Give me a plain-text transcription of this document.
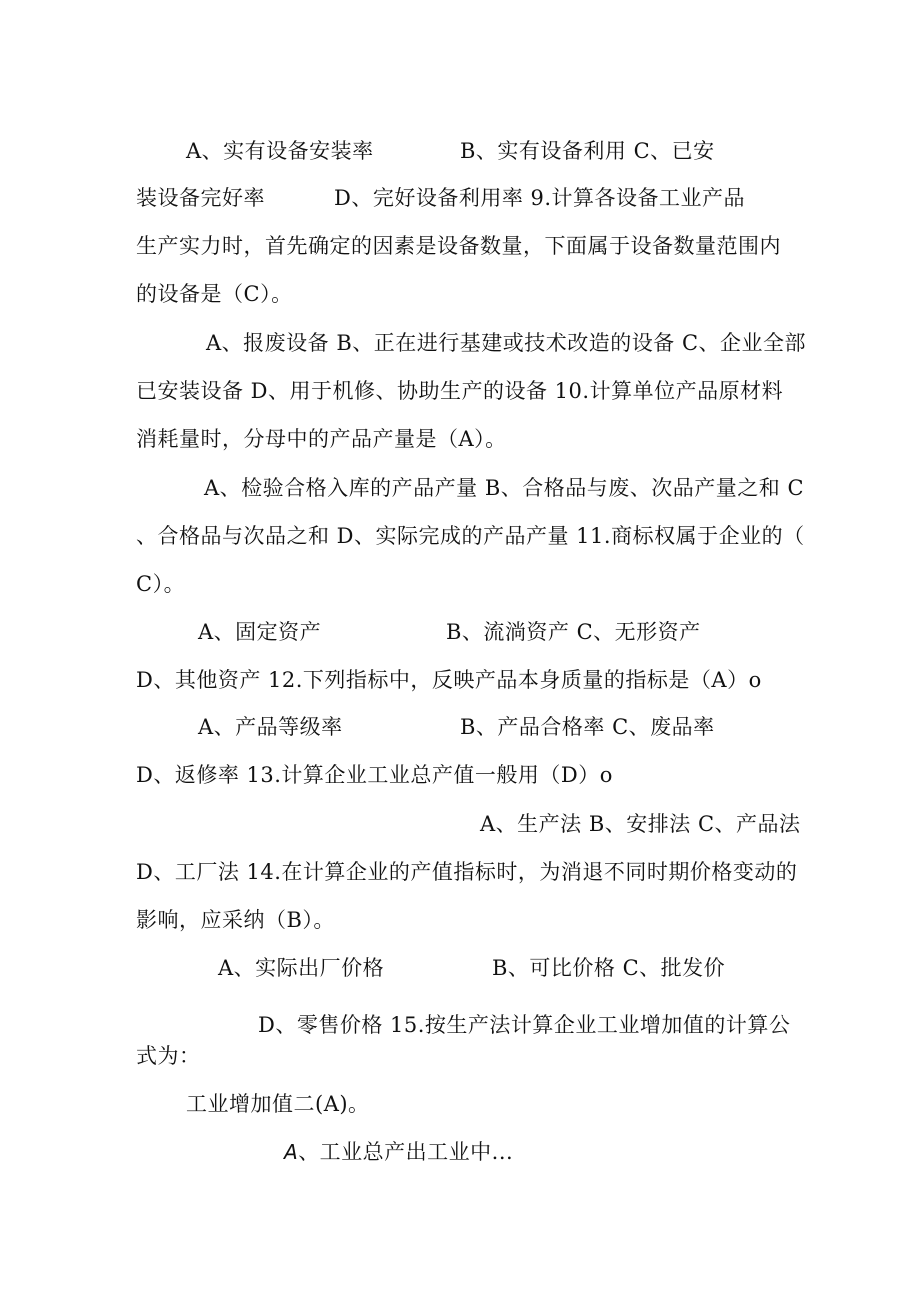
A、实有设备安装率	B、实有设备利用 C、已安

装设备完好率	D、完好设备利用率 9.计算各设备工业产品

生产实力时，首先确定的因素是设备数量，下面属于设备数量范围内

的设备是（C）。

A、报废设备 B、正在进行基建或技术改造的设备 C、企业全部

已安装设备 D、用于机修、协助生产的设备 10.计算单位产品原材料

消耗量时，分母中的产品产量是（A）。

A、检验合格入库的产品产量 B、合格品与废、次品产量之和 C

、合格品与次品之和 D、实际完成的产品产量 11.商标权属于企业的（

C）。

A、固定资产	B、流淌资产 C、无形资产

D、其他资产 12.下列指标中，反映产品本身质量的指标是（A）o

A、产品等级率	B、产品合格率 C、废品率

D、返修率 13.计算企业工业总产值一般用（D）o

A、生产法 B、安排法 C、产品法

D、工厂法 14.在计算企业的产值指标时，为消退不同时期价格变动的

影响，应采纳（B）。

A、实际出厂价格	B、可比价格 C、批发价

D、零售价格 15.按生产法计算企业工业增加值的计算公

式为：

工业增加值二(A)。

A、工业总产出工业中...
